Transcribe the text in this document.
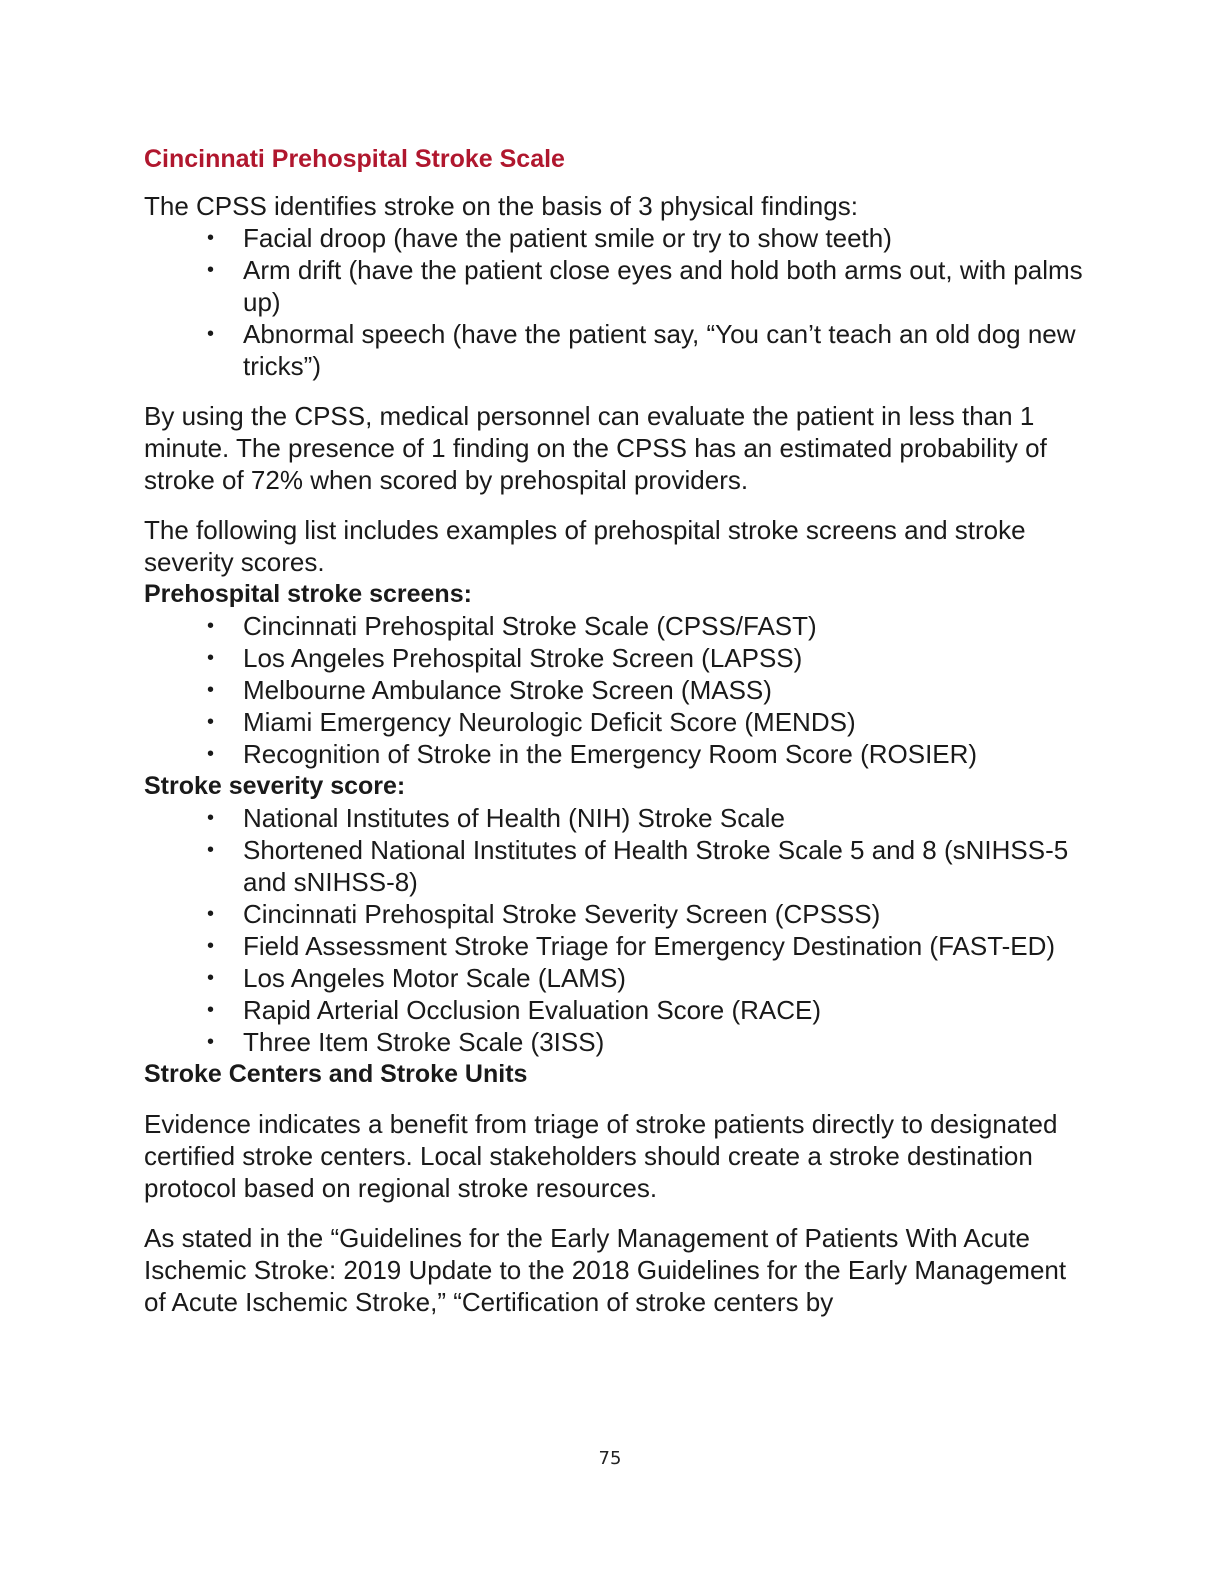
Cincinnati Prehospital Stroke Scale

The CPSS identifies stroke on the basis of 3 physical findings:

• Facial droop (have the patient smile or try to show teeth)
• Arm drift (have the patient close eyes and hold both arms out, with palms up)
• Abnormal speech (have the patient say, “You can’t teach an old dog new tricks”)

By using the CPSS, medical personnel can evaluate the patient in less than 1 minute. The presence of 1 finding on the CPSS has an estimated probability of stroke of 72% when scored by prehospital providers.

The following list includes examples of prehospital stroke screens and stroke severity scores.

Prehospital stroke screens:
• Cincinnati Prehospital Stroke Scale (CPSS/FAST)
• Los Angeles Prehospital Stroke Screen (LAPSS)
• Melbourne Ambulance Stroke Screen (MASS)
• Miami Emergency Neurologic Deficit Score (MENDS)
• Recognition of Stroke in the Emergency Room Score (ROSIER)
Stroke severity score:
• National Institutes of Health (NIH) Stroke Scale
• Shortened National Institutes of Health Stroke Scale 5 and 8 (sNIHSS-5 and sNIHSS-8)
• Cincinnati Prehospital Stroke Severity Screen (CPSSS)
• Field Assessment Stroke Triage for Emergency Destination (FAST-ED)
• Los Angeles Motor Scale (LAMS)
• Rapid Arterial Occlusion Evaluation Score (RACE)
• Three Item Stroke Scale (3ISS)
Stroke Centers and Stroke Units

Evidence indicates a benefit from triage of stroke patients directly to designated certified stroke centers. Local stakeholders should create a stroke destination protocol based on regional stroke resources.

As stated in the “Guidelines for the Early Management of Patients With Acute Ischemic Stroke: 2019 Update to the 2018 Guidelines for the Early Management of Acute Ischemic Stroke,” “Certification of stroke centers by

75
